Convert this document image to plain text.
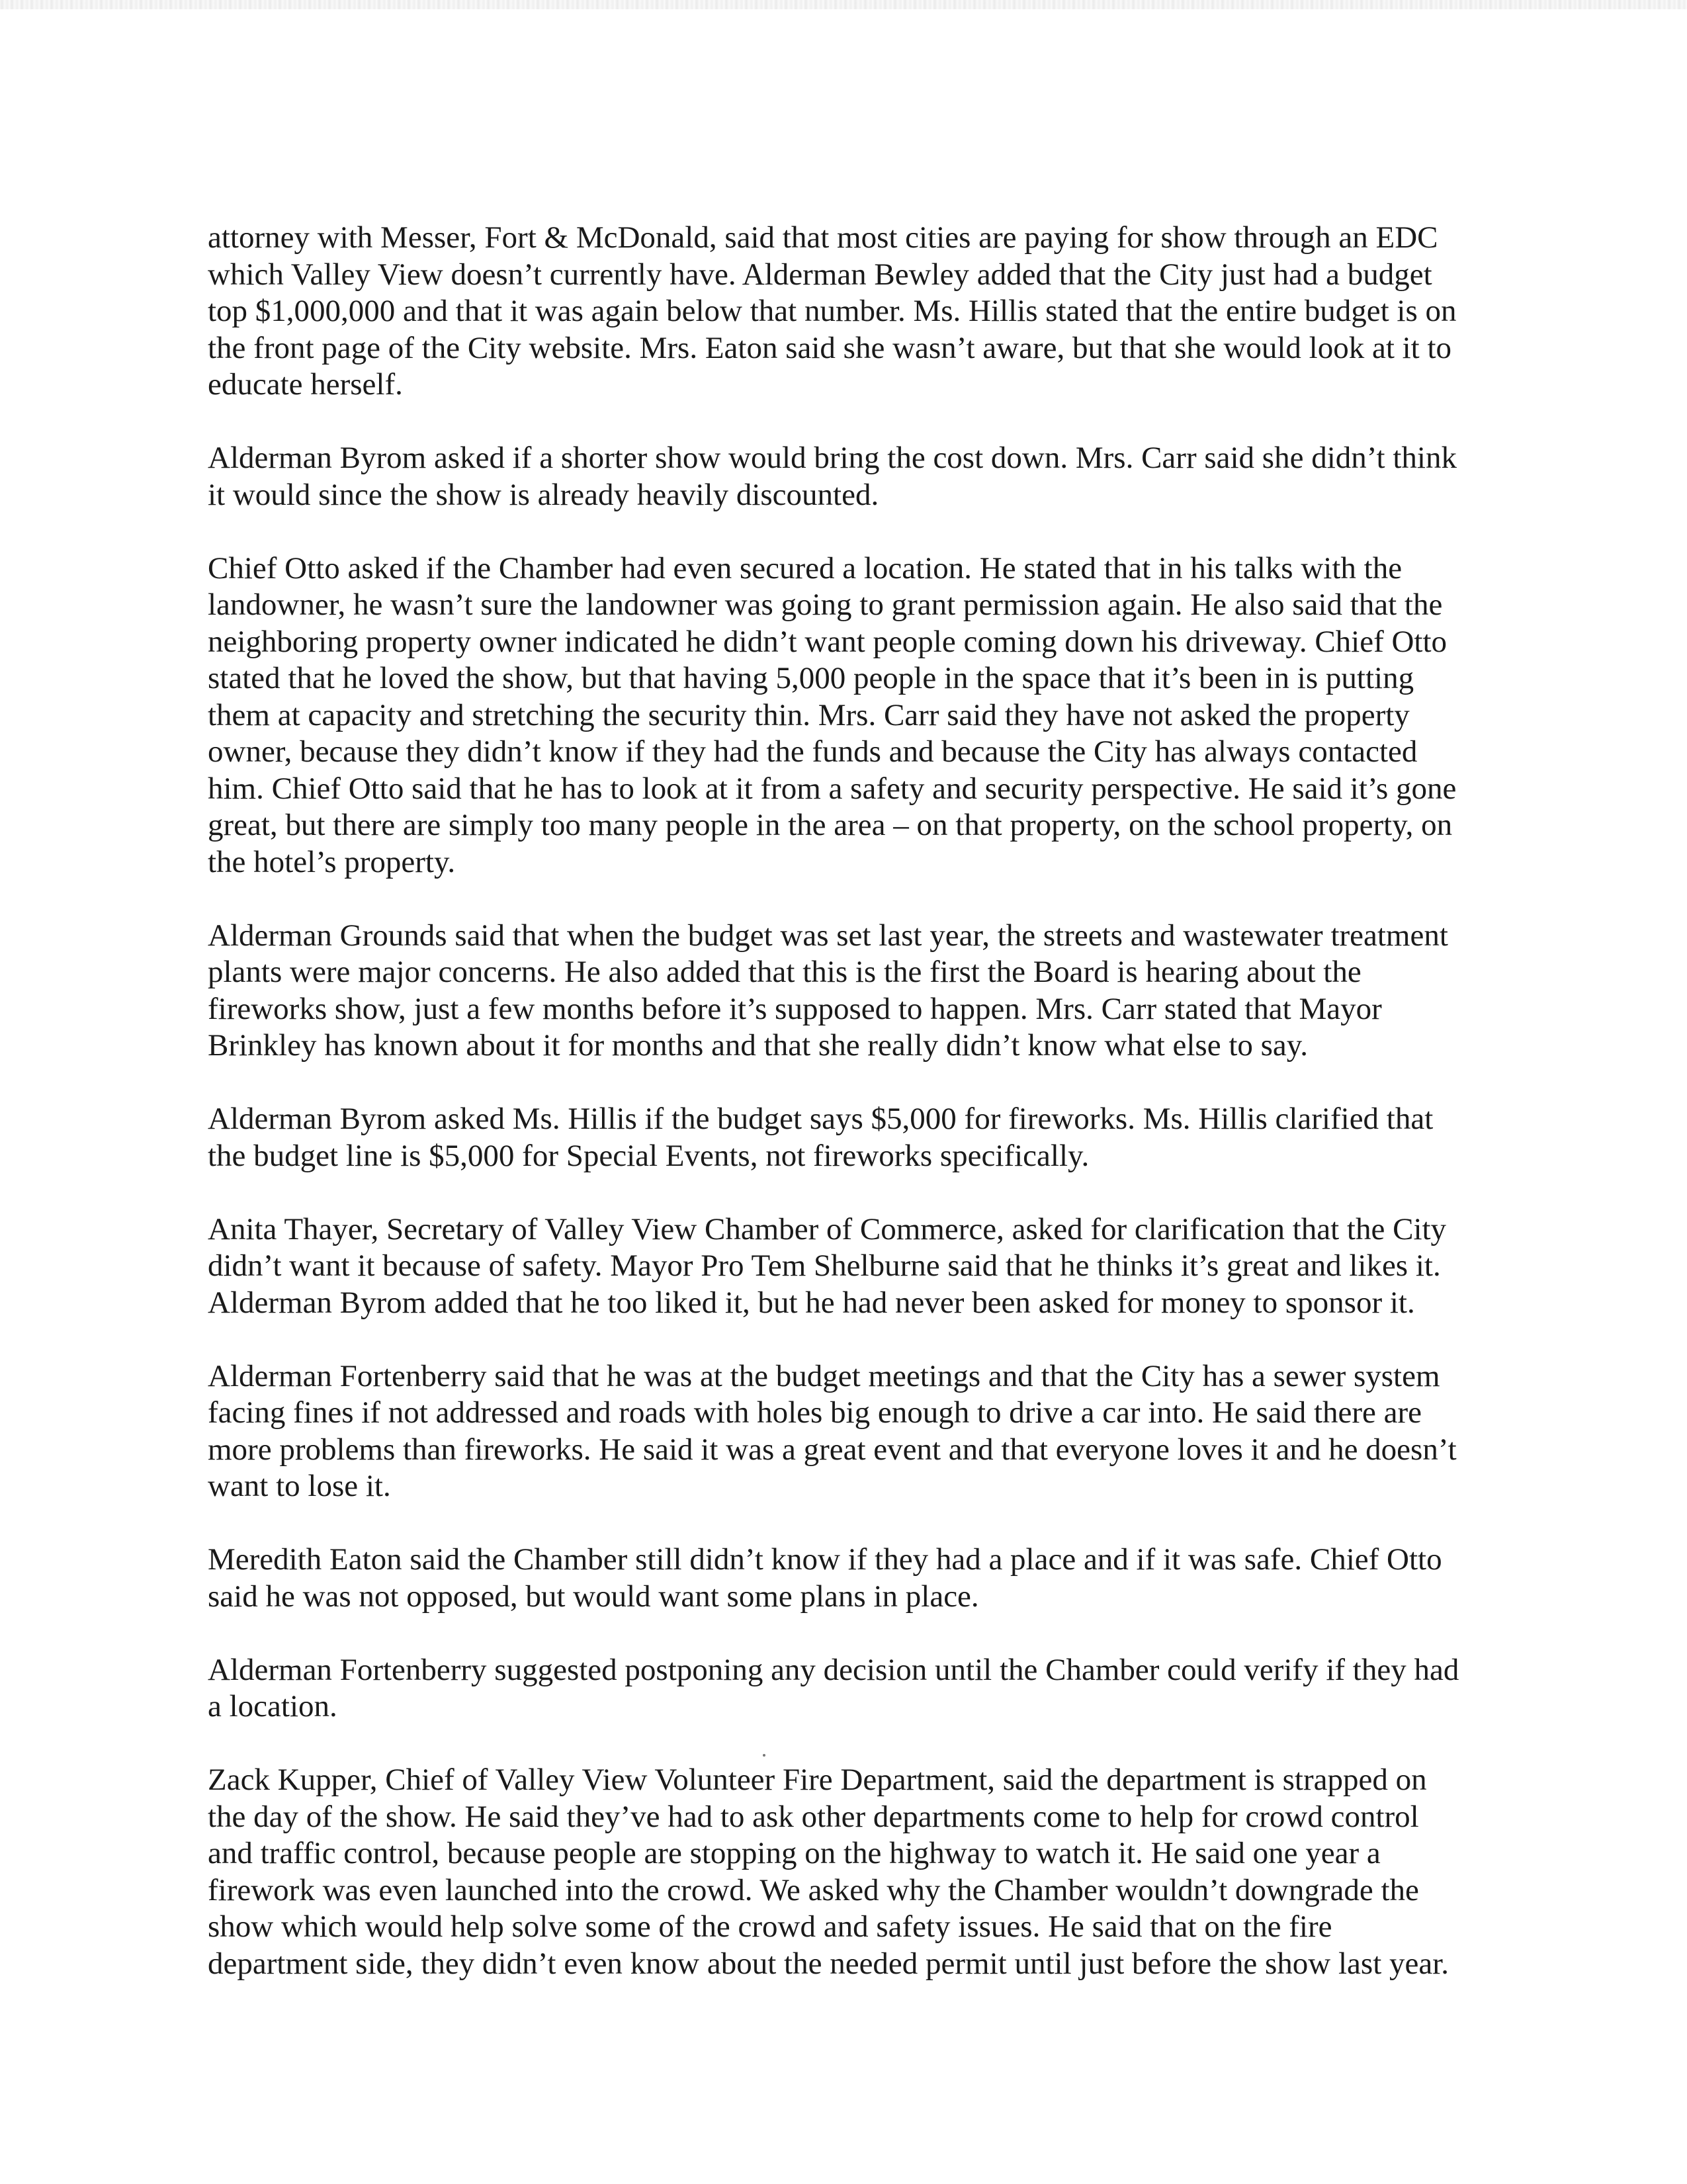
attorney with Messer, Fort & McDonald, said that most cities are paying for show through an EDC
which Valley View doesn’t currently have. Alderman Bewley added that the City just had a budget
top $1,000,000 and that it was again below that number. Ms. Hillis stated that the entire budget is on
the front page of the City website. Mrs. Eaton said she wasn’t aware, but that she would look at it to
educate herself.

Alderman Byrom asked if a shorter show would bring the cost down. Mrs. Carr said she didn’t think
it would since the show is already heavily discounted.

Chief Otto asked if the Chamber had even secured a location. He stated that in his talks with the
landowner, he wasn’t sure the landowner was going to grant permission again. He also said that the
neighboring property owner indicated he didn’t want people coming down his driveway. Chief Otto
stated that he loved the show, but that having 5,000 people in the space that it’s been in is putting
them at capacity and stretching the security thin. Mrs. Carr said they have not asked the property
owner, because they didn’t know if they had the funds and because the City has always contacted
him. Chief Otto said that he has to look at it from a safety and security perspective. He said it’s gone
great, but there are simply too many people in the area – on that property, on the school property, on
the hotel’s property.

Alderman Grounds said that when the budget was set last year, the streets and wastewater treatment
plants were major concerns. He also added that this is the first the Board is hearing about the
fireworks show, just a few months before it’s supposed to happen. Mrs. Carr stated that Mayor
Brinkley has known about it for months and that she really didn’t know what else to say.

Alderman Byrom asked Ms. Hillis if the budget says $5,000 for fireworks. Ms. Hillis clarified that
the budget line is $5,000 for Special Events, not fireworks specifically.

Anita Thayer, Secretary of Valley View Chamber of Commerce, asked for clarification that the City
didn’t want it because of safety. Mayor Pro Tem Shelburne said that he thinks it’s great and likes it.
Alderman Byrom added that he too liked it, but he had never been asked for money to sponsor it.

Alderman Fortenberry said that he was at the budget meetings and that the City has a sewer system
facing fines if not addressed and roads with holes big enough to drive a car into. He said there are
more problems than fireworks. He said it was a great event and that everyone loves it and he doesn’t
want to lose it.

Meredith Eaton said the Chamber still didn’t know if they had a place and if it was safe. Chief Otto
said he was not opposed, but would want some plans in place.

Alderman Fortenberry suggested postponing any decision until the Chamber could verify if they had
a location.

Zack Kupper, Chief of Valley View Volunteer Fire Department, said the department is strapped on
the day of the show. He said they’ve had to ask other departments come to help for crowd control
and traffic control, because people are stopping on the highway to watch it. He said one year a
firework was even launched into the crowd. We asked why the Chamber wouldn’t downgrade the
show which would help solve some of the crowd and safety issues. He said that on the fire
department side, they didn’t even know about the needed permit until just before the show last year.
